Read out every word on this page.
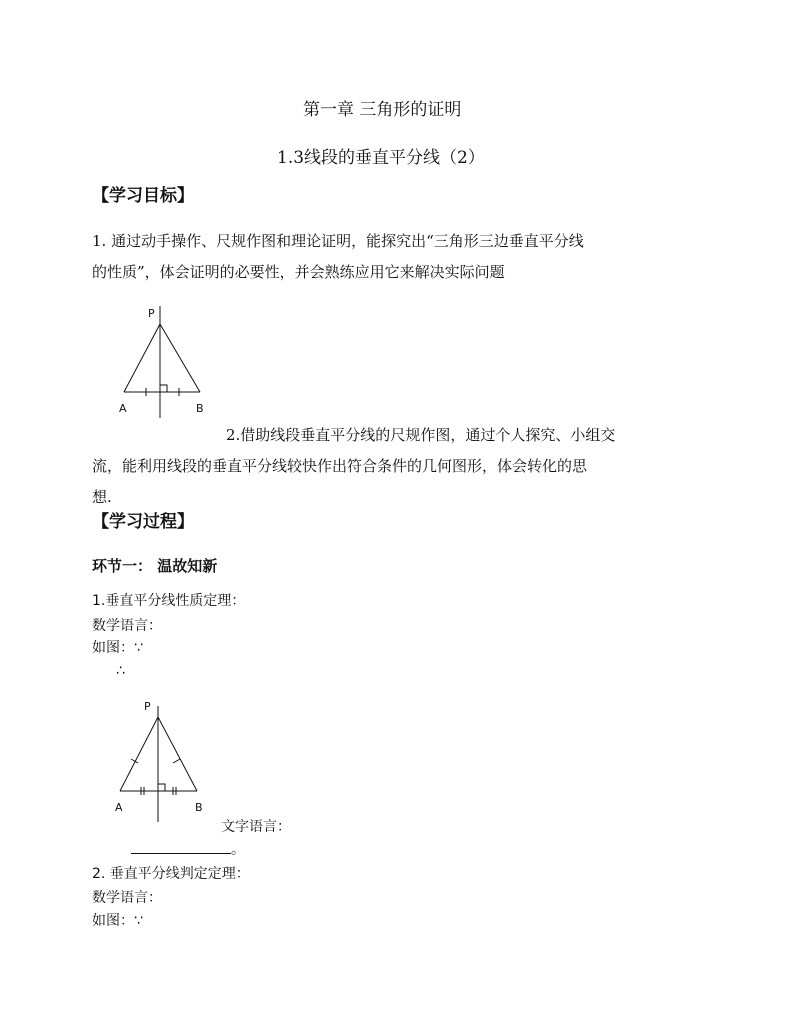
第一章 三角形的证明
1.3线段的垂直平分线（2）
【学习目标】
1. 通过动手操作、尺规作图和理论证明，能探究出“三角形三边垂直平分线
的性质”，体会证明的必要性，并会熟练应用它来解决实际问题
P
A	B
2.借助线段垂直平分线的尺规作图，通过个人探究、小组交
流，能利用线段的垂直平分线较快作出符合条件的几何图形，体会转化的思
想.
【学习过程】
环节一： 温故知新
1.垂直平分线性质定理：
数学语言：
如图：∵
∴
P
A	B
文字语言：
。
2. 垂直平分线判定定理：
数学语言：
如图：∵
